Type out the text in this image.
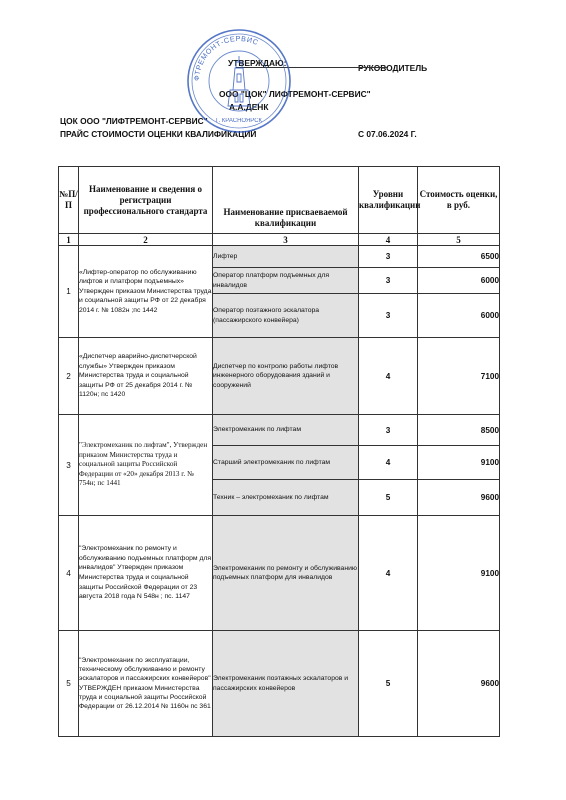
УТВЕРЖДАЮ:	РУКОВОДИТЕЛЬ
ООО "ЦОК" ЛИФТРЕМОНТ-СЕРВИС"
А.А.ДЕНК
ЦОК ООО "ЛИФТРЕМОНТ-СЕРВИС"
ПРАЙС СТОИМОСТИ ОЦЕНКИ КВАЛИФИКАЦИЙ	С 07.06.2024 Г.
ФТРЕМОНТ-СЕРВИС
Г. КРАСНОЯРСК
№П/П	Наименование и сведения о регистрации профессионального стандарта	Наименование присваеваемой квалификации	Уровни квалификации	Стоимость оценки, в руб.
1	2	3	4	5
1	«Лифтер-оператор по обслуживанию лифтов и платформ подъемных» Утвержден приказом Министерства труда и социальной защиты РФ от 22 декабря 2014 г. № 1082н ;пс 1442	Лифтер	3	6500
		Оператор платформ подъемных для инвалидов	3	6000
		Оператор поэтажного эскалатора (пассажирского конвейера)	3	6000
2	«Диспетчер аварийно-диспетчерской службы» Утвержден приказом Министерства труда и социальной защиты РФ от 25 декабря 2014 г. № 1120н; пс 1420	Диспетчер по контролю работы лифтов инженерного оборудования зданий и сооружений	4	7100
3	"Электромеханик по лифтам", Утвержден приказом Министерства труда и социальной защиты Российской Федерации от «20» декабря 2013 г. № 754н; пс 1441	Электромеханик по лифтам	3	8500
		Старший электромеханик по лифтам	4	9100
		Техник – электромеханик по лифтам	5	9600
4	"Электромеханик по ремонту и обслуживанию подъемных платформ для инвалидов" Утвержден приказом Министерства труда и социальной защиты Российской Федерации от 23 августа 2018 года N 548н ; пс. 1147	Электромеханик по ремонту и обслуживанию подъемных платформ для инвалидов	4	9100
5	"Электромеханик по эксплуатации, техническому обслуживанию и ремонту эскалаторов и пассажирских конвейеров" УТВЕРЖДЕН приказом Министерства труда и социальной защиты Российской Федерации от 26.12.2014 № 1160н пс 361	Электромеханик поэтажных эскалаторов и пассажирских конвейеров	5	9600
